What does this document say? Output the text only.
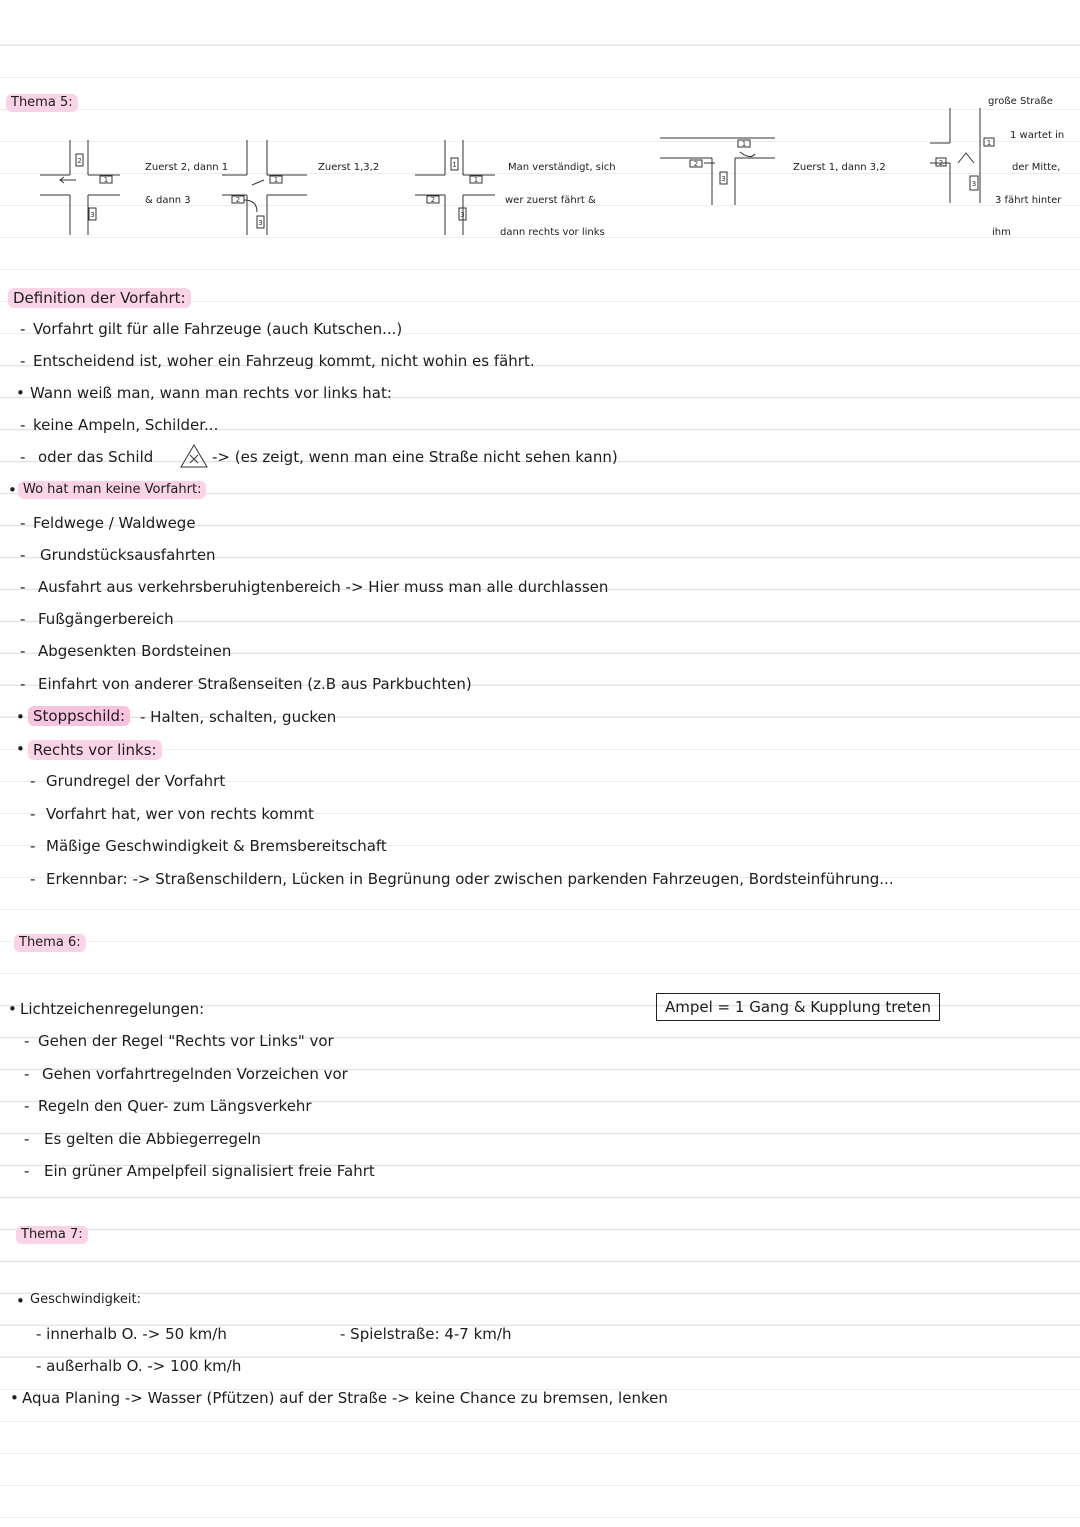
Thema 5:
2
1
3
Zuerst 2, dann 1
& dann 3
1
2
3
Zuerst 1,3,2	1
1
2
3
Man verständigt, sich
wer zuerst fährt &
dann rechts vor links
2
1
3
Zuerst 1, dann 3,2	2
1
3
große Straße
1 wartet in
der Mitte,
3 fährt hinter
ihm
Definition der Vorfahrt:
- Vorfahrt gilt für alle Fahrzeuge (auch Kutschen...)
- Entscheidend ist, woher ein Fahrzeug kommt, nicht wohin es fährt.
• Wann weiß man, wann man rechts vor links hat:
- keine Ampeln, Schilder...
- oder das Schild	-> (es zeigt, wenn man eine Straße nicht sehen kann)
• Wo hat man keine Vorfahrt:
- Feldwege / Waldwege
- Grundstücksausfahrten
- Ausfahrt aus verkehrsberuhigtenbereich -> Hier muss man alle durchlassen
- Fußgängerbereich
- Abgesenkten Bordsteinen
- Einfahrt von anderer Straßenseiten (z.B aus Parkbuchten)
• Stoppschild: - Halten, schalten, gucken
• Rechts vor links:
- Grundregel der Vorfahrt
- Vorfahrt hat, wer von rechts kommt
- Mäßige Geschwindigkeit & Bremsbereitschaft
- Erkennbar: -> Straßenschildern, Lücken in Begrünung oder zwischen parkenden Fahrzeugen, Bordsteinführung...
Thema 6:
• Lichtzeichenregelungen:
- Gehen der Regel "Rechts vor Links" vor
- Gehen vorfahrtregelnden Vorzeichen vor
- Regeln den Quer- zum Längsverkehr
- Es gelten die Abbiegerregeln
- Ein grüner Ampelpfeil signalisiert freie Fahrt
Ampel = 1 Gang & Kupplung treten
Thema 7:
• Geschwindigkeit:
- innerhalb O. -> 50 km/h
- außerhalb O. -> 100 km/h
- Spielstraße: 4-7 km/h
• Aqua Planing -> Wasser (Pfützen) auf der Straße -> keine Chance zu bremsen, lenken
